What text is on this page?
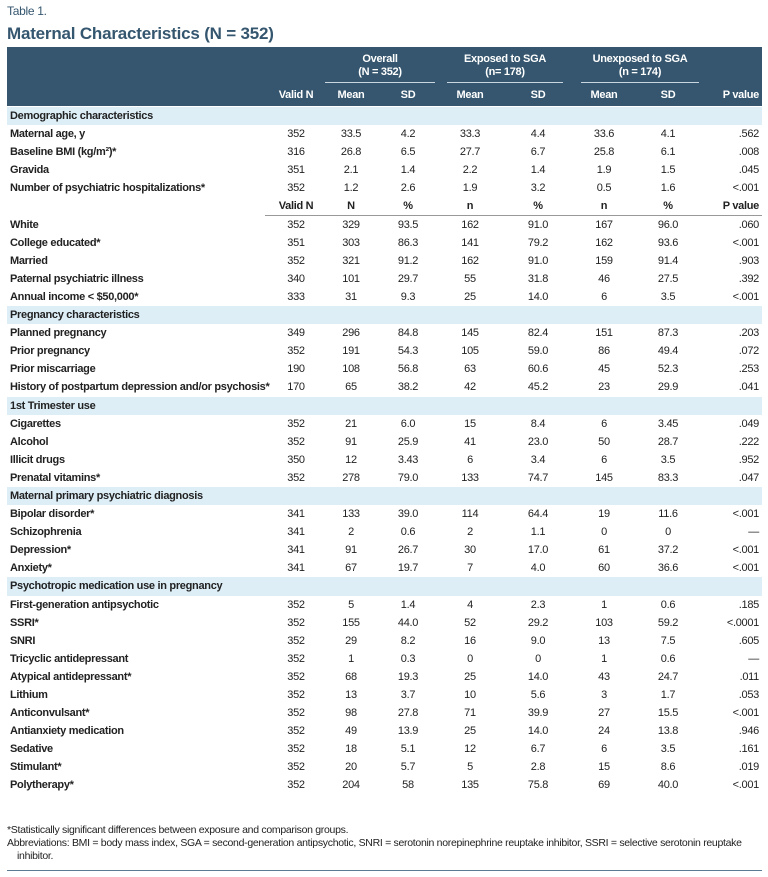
Table 1.
Maternal Characteristics (N = 352)
Overall
(N = 352)
Exposed to SGA
(n= 178)
Unexposed to SGA
(n = 174)
Valid N	Mean	SD	Mean	SD	Mean	SD	P value
Demographic characteristics
Maternal age, y	352	33.5	4.2	33.3	4.4	33.6	4.1	.562
Baseline BMI (kg/m²)*	316	26.8	6.5	27.7	6.7	25.8	6.1	.008
Gravida	351	2.1	1.4	2.2	1.4	1.9	1.5	.045
Number of psychiatric hospitalizations*	352	1.2	2.6	1.9	3.2	0.5	1.6	<.001
Valid N	N	%	n	%	n	%	P value
White	352	329	93.5	162	91.0	167	96.0	.060
College educated*	351	303	86.3	141	79.2	162	93.6	<.001
Married	352	321	91.2	162	91.0	159	91.4	.903
Paternal psychiatric illness	340	101	29.7	55	31.8	46	27.5	.392
Annual income < $50,000*	333	31	9.3	25	14.0	6	3.5	<.001
Pregnancy characteristics
Planned pregnancy	349	296	84.8	145	82.4	151	87.3	.203
Prior pregnancy	352	191	54.3	105	59.0	86	49.4	.072
Prior miscarriage	190	108	56.8	63	60.6	45	52.3	.253
History of postpartum depression and/or psychosis*	170	65	38.2	42	45.2	23	29.9	.041
1st Trimester use
Cigarettes	352	21	6.0	15	8.4	6	3.45	.049
Alcohol	352	91	25.9	41	23.0	50	28.7	.222
Illicit drugs	350	12	3.43	6	3.4	6	3.5	.952
Prenatal vitamins*	352	278	79.0	133	74.7	145	83.3	.047
Maternal primary psychiatric diagnosis
Bipolar disorder*	341	133	39.0	114	64.4	19	11.6	<.001
Schizophrenia	341	2	0.6	2	1.1	0	0	—
Depression*	341	91	26.7	30	17.0	61	37.2	<.001
Anxiety*	341	67	19.7	7	4.0	60	36.6	<.001
Psychotropic medication use in pregnancy
First-generation antipsychotic	352	5	1.4	4	2.3	1	0.6	.185
SSRI*	352	155	44.0	52	29.2	103	59.2	<.0001
SNRI	352	29	8.2	16	9.0	13	7.5	.605
Tricyclic antidepressant	352	1	0.3	0	0	1	0.6	—
Atypical antidepressant*	352	68	19.3	25	14.0	43	24.7	.011
Lithium	352	13	3.7	10	5.6	3	1.7	.053
Anticonvulsant*	352	98	27.8	71	39.9	27	15.5	<.001
Antianxiety medication	352	49	13.9	25	14.0	24	13.8	.946
Sedative	352	18	5.1	12	6.7	6	3.5	.161
Stimulant*	352	20	5.7	5	2.8	15	8.6	.019
Polytherapy*	352	204	58	135	75.8	69	40.0	<.001
*Statistically significant differences between exposure and comparison groups.
Abbreviations: BMI = body mass index, SGA = second-generation antipsychotic, SNRI = serotonin norepinephrine reuptake inhibitor, SSRI = selective serotonin reuptake inhibitor.
